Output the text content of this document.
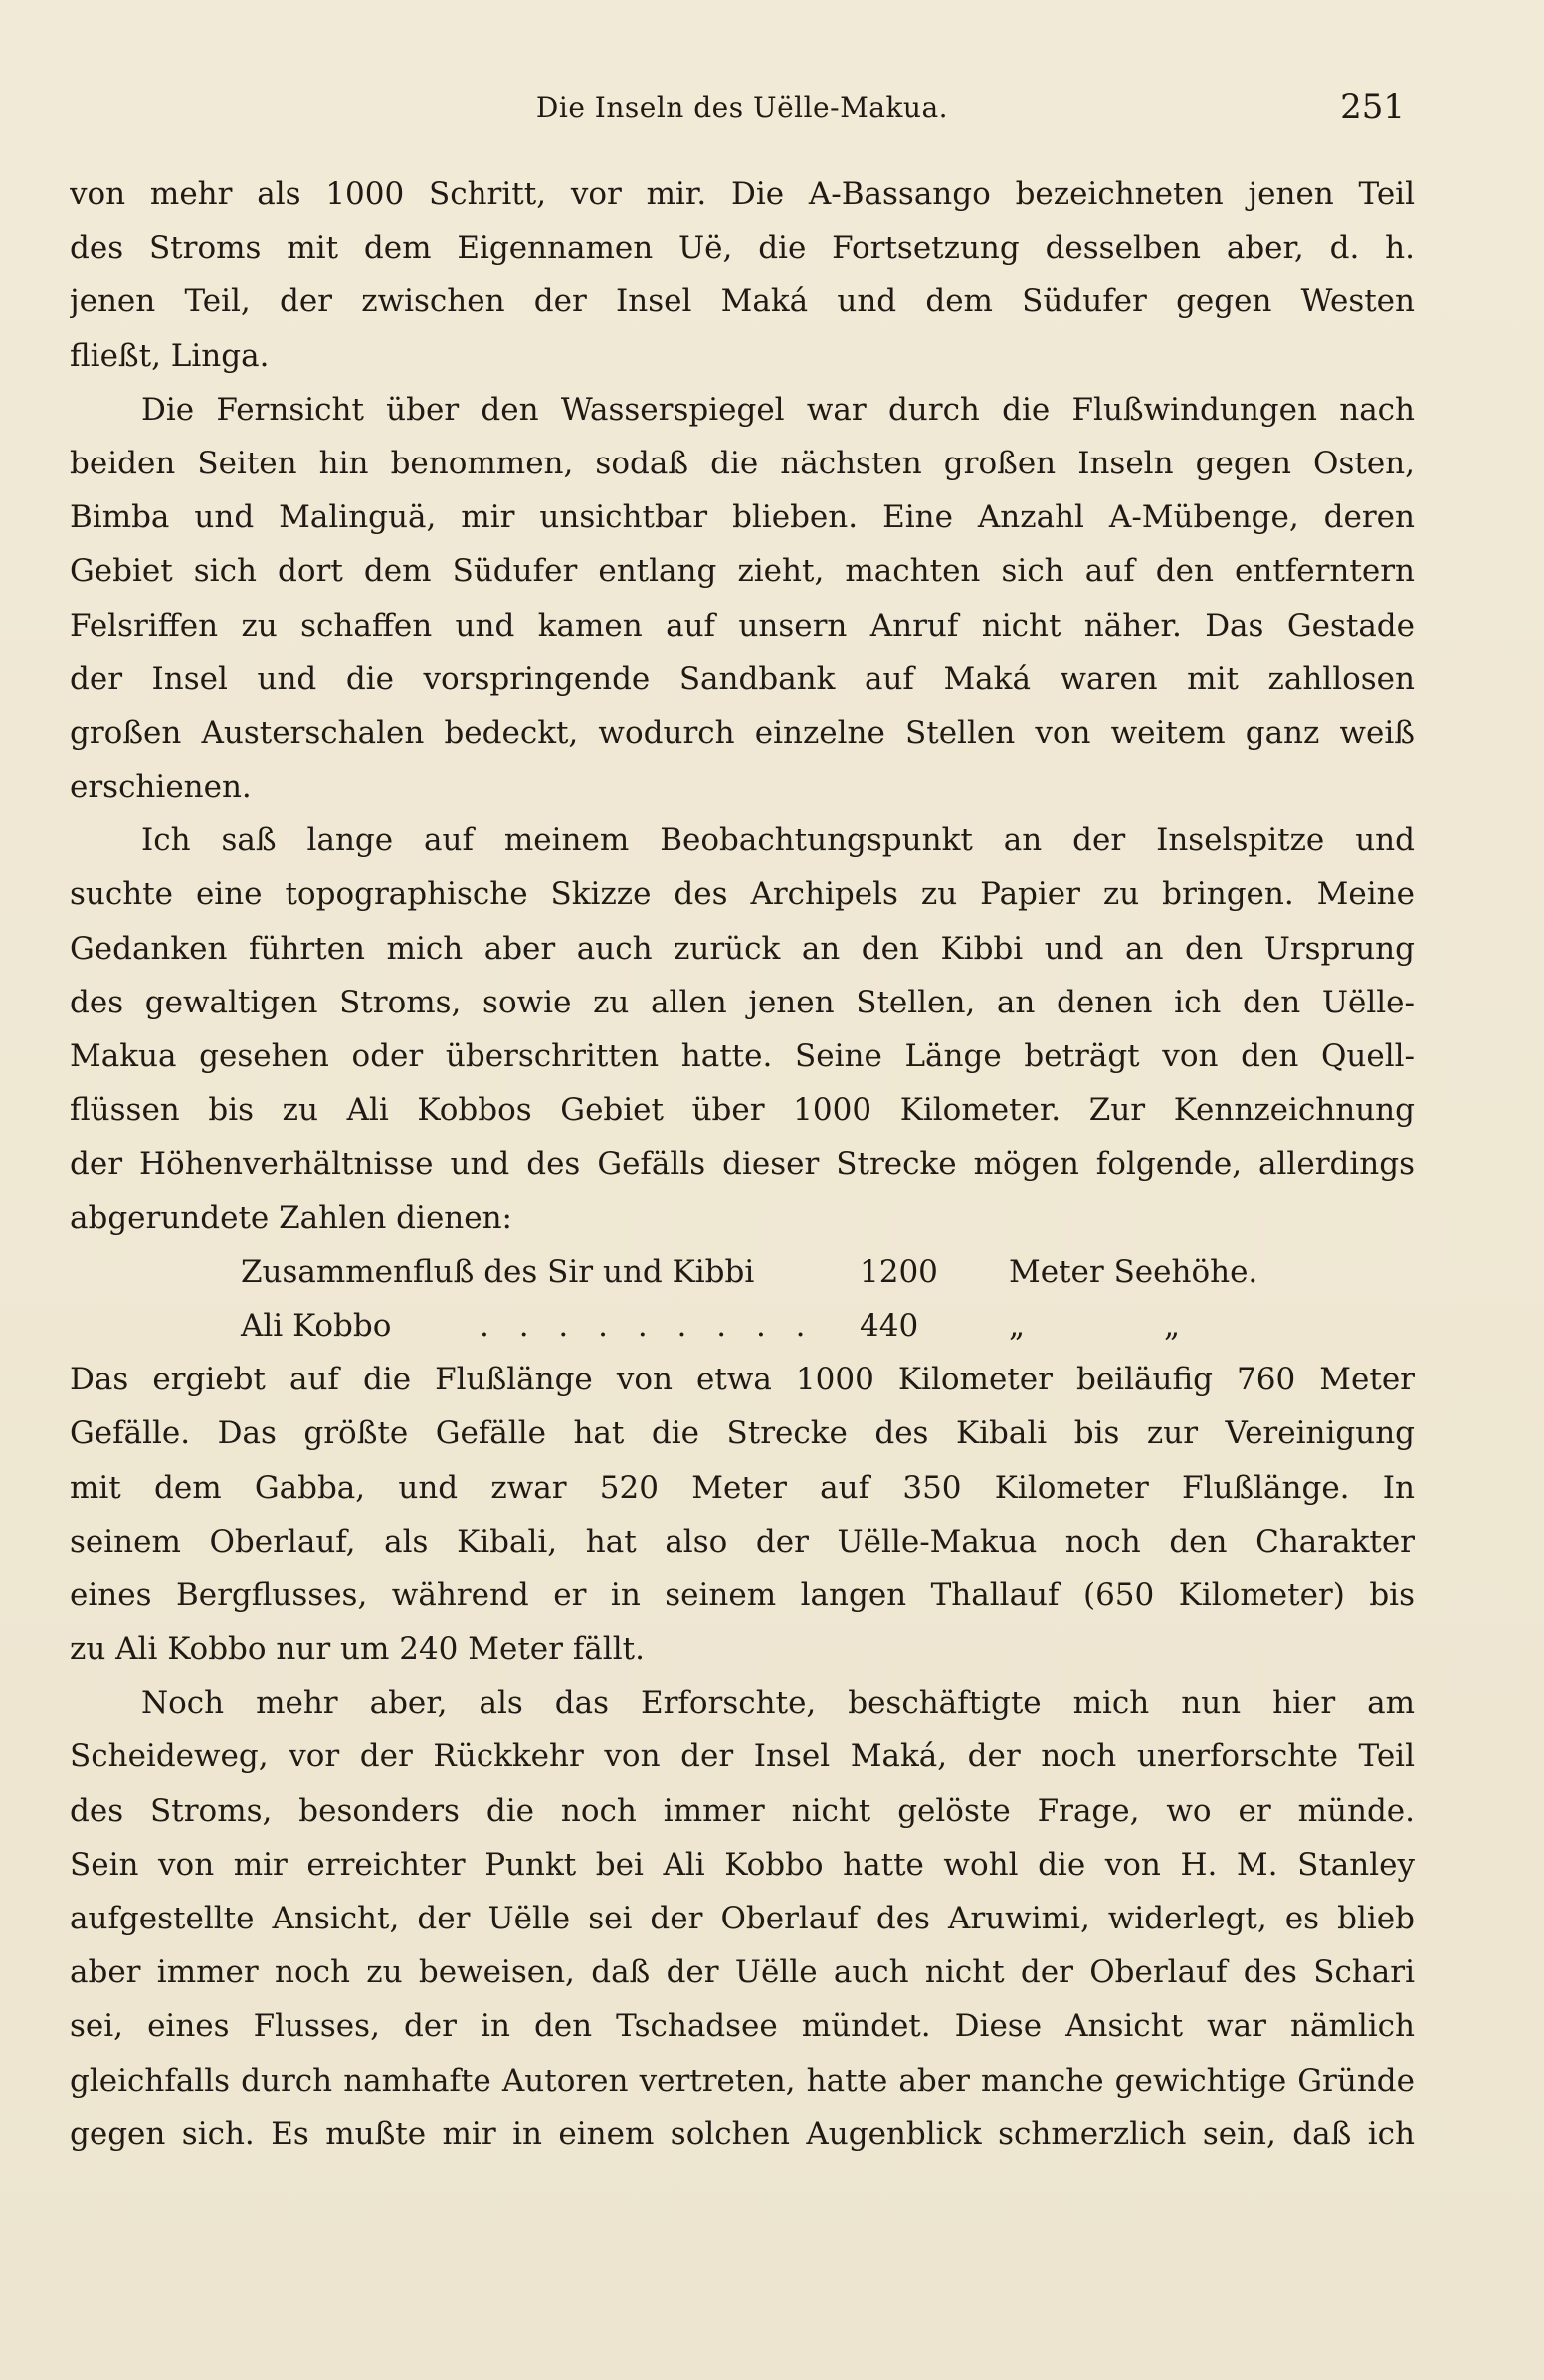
Die Inseln des Uëlle-Makua.	251
von mehr als 1000 Schritt, vor mir. Die A-Bassango bezeichneten jenen Teil
des Stroms mit dem Eigennamen Uë, die Fortsetzung desselben aber, d. h.
jenen Teil, der zwischen der Insel Maká und dem Südufer gegen Westen
fließt, Linga.
Die Fernsicht über den Wasserspiegel war durch die Flußwindungen nach
beiden Seiten hin benommen, sodaß die nächsten großen Inseln gegen Osten,
Bimba und Malinguä, mir unsichtbar blieben. Eine Anzahl A-Mübenge, deren
Gebiet sich dort dem Südufer entlang zieht, machten sich auf den entferntern
Felsriffen zu schaffen und kamen auf unsern Anruf nicht näher. Das Gestade
der Insel und die vorspringende Sandbank auf Maká waren mit zahllosen
großen Austerschalen bedeckt, wodurch einzelne Stellen von weitem ganz weiß
erschienen.
Ich saß lange auf meinem Beobachtungspunkt an der Inselspitze und
suchte eine topographische Skizze des Archipels zu Papier zu bringen. Meine
Gedanken führten mich aber auch zurück an den Kibbi und an den Ursprung
des gewaltigen Stroms, sowie zu allen jenen Stellen, an denen ich den Uëlle-
Makua gesehen oder überschritten hatte. Seine Länge beträgt von den Quell-
flüssen bis zu Ali Kobbos Gebiet über 1000 Kilometer. Zur Kennzeichnung
der Höhenverhältnisse und des Gefälls dieser Strecke mögen folgende, allerdings
abgerundete Zahlen dienen:
Zusammenfluß des Sir und Kibbi	1200 Meter Seehöhe.
Ali Kobbo	. . . . . . . . . 440	„	„
Das ergiebt auf die Flußlänge von etwa 1000 Kilometer beiläufig 760 Meter
Gefälle. Das größte Gefälle hat die Strecke des Kibali bis zur Vereinigung
mit dem Gabba, und zwar 520 Meter auf 350 Kilometer Flußlänge. In
seinem Oberlauf, als Kibali, hat also der Uëlle-Makua noch den Charakter
eines Bergflusses, während er in seinem langen Thallauf (650 Kilometer) bis
zu Ali Kobbo nur um 240 Meter fällt.
Noch mehr aber, als das Erforschte, beschäftigte mich nun hier am
Scheideweg, vor der Rückkehr von der Insel Maká, der noch unerforschte Teil
des Stroms, besonders die noch immer nicht gelöste Frage, wo er münde.
Sein von mir erreichter Punkt bei Ali Kobbo hatte wohl die von H. M. Stanley
aufgestellte Ansicht, der Uëlle sei der Oberlauf des Aruwimi, widerlegt, es blieb
aber immer noch zu beweisen, daß der Uëlle auch nicht der Oberlauf des Schari
sei, eines Flusses, der in den Tschadsee mündet. Diese Ansicht war nämlich
gleichfalls durch namhafte Autoren vertreten, hatte aber manche gewichtige Gründe
gegen sich. Es mußte mir in einem solchen Augenblick schmerzlich sein, daß ich
